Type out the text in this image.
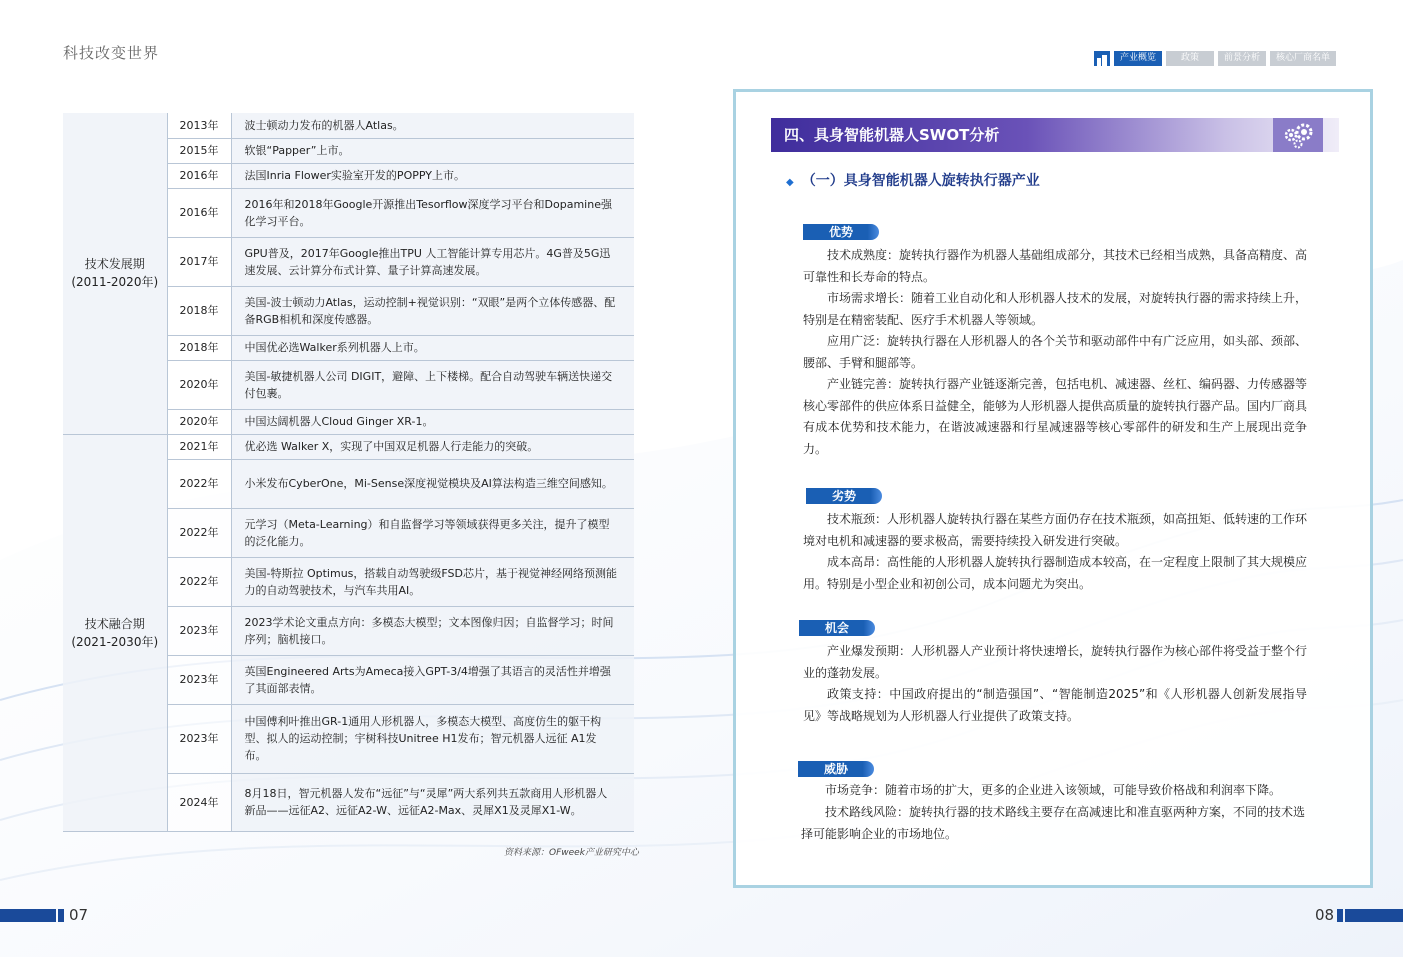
科技改变世界	产业概览	政策	前景分析	核心厂商名单
技术发展期
(2011-2020年)	2013年	波士顿动力发布的机器人Atlas。
	2015年	软银“Papper”上市。
	2016年	法国Inria Flower实验室开发的POPPY上市。
	2016年	2016年和2018年Google开源推出Tesorflow深度学习平台和Dopamine强化学习平台。
	2017年	GPU普及，2017年Google推出TPU 人工智能计算专用芯片。4G普及5G迅速发展、云计算分布式计算、量子计算高速发展。
	2018年	美国-波士顿动力Atlas，运动控制+视觉识别：“双眼”是两个立体传感器、配备RGB相机和深度传感器。
	2018年	中国优必选Walker系列机器人上市。
	2020年	美国-敏捷机器人公司 DIGIT，避障、上下楼梯。配合自动驾驶车辆送快递交付包裹。
	2020年	中国达阔机器人Cloud Ginger XR-1。

技术融合期
(2021-2030年)	2021年	优必选 Walker X，实现了中国双足机器人行走能力的突破。
	2022年	小米发布CyberOne，Mi-Sense深度视觉模块及AI算法构造三维空间感知。
	2022年	元学习（Meta-Learning）和自监督学习等领域获得更多关注，提升了模型的泛化能力。
	2022年	美国-特斯拉 Optimus，搭载自动驾驶级FSD芯片，基于视觉神经网络预测能力的自动驾驶技术，与汽车共用AI。
	2023年	2023学术论文重点方向：多模态大模型；文本图像归因；自监督学习；时间序列；脑机接口。
	2023年	英国Engineered Arts为Ameca接入GPT-3/4增强了其语言的灵活性并增强了其面部表情。
	2023年	中国傅利叶推出GR-1通用人形机器人，多模态大模型、高度仿生的躯干构型、拟人的运动控制；宇树科技Unitree H1发布；智元机器人远征 A1发布。
	2024年	8月18日，智元机器人发布“远征”与“灵犀”两大系列共五款商用人形机器人新品——远征A2、远征A2-W、远征A2-Max、灵犀X1及灵犀X1-W。
资料来源：OFweek产业研究中心
四、具身智能机器人SWOT分析
◆ （一）具身智能机器人旋转执行器产业
优势
技术成熟度：旋转执行器作为机器人基础组成部分，其技术已经相当成熟，具备高精度、高可靠性和长寿命的特点。
市场需求增长：随着工业自动化和人形机器人技术的发展，对旋转执行器的需求持续上升，特别是在精密装配、医疗手术机器人等领域。
应用广泛：旋转执行器在人形机器人的各个关节和驱动部件中有广泛应用，如头部、颈部、腰部、手臂和腿部等。
产业链完善：旋转执行器产业链逐渐完善，包括电机、减速器、丝杠、编码器、力传感器等核心零部件的供应体系日益健全，能够为人形机器人提供高质量的旋转执行器产品。国内厂商具有成本优势和技术能力，在谐波减速器和行星减速器等核心零部件的研发和生产上展现出竞争力。
劣势
技术瓶颈：人形机器人旋转执行器在某些方面仍存在技术瓶颈，如高扭矩、低转速的工作环境对电机和减速器的要求极高，需要持续投入研发进行突破。
成本高昂：高性能的人形机器人旋转执行器制造成本较高，在一定程度上限制了其大规模应用。特别是小型企业和初创公司，成本问题尤为突出。
机会
产业爆发预期：人形机器人产业预计将快速增长，旋转执行器作为核心部件将受益于整个行业的蓬勃发展。
政策支持：中国政府提出的“制造强国”、“智能制造2025”和《人形机器人创新发展指导　见》等战略规划为人形机器人行业提供了政策支持。
威胁
市场竞争：随着市场的扩大，更多的企业进入该领域，可能导致价格战和利润率下降。
技术路线风险：旋转执行器的技术路线主要存在高减速比和准直驱两种方案，不同的技术选择可能影响企业的市场地位。
07	08
